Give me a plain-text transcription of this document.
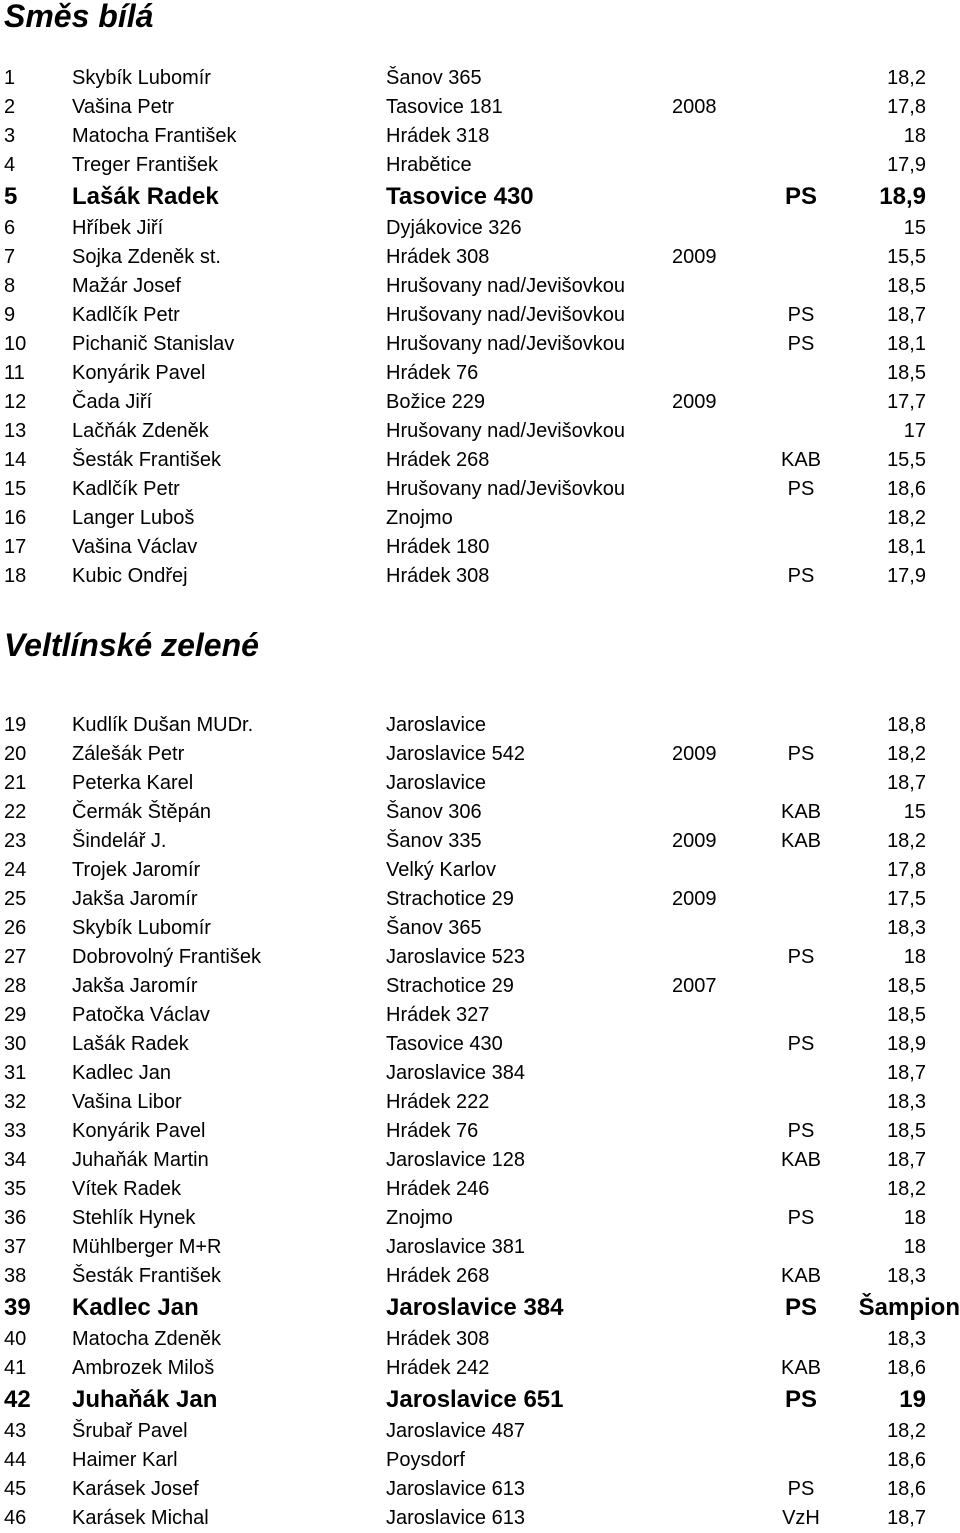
Směs bílá
1	Skybík Lubomír	Šanov 365	18,2
2	Vašina Petr	Tasovice 181	2008	17,8
3	Matocha František	Hrádek 318	18
4	Treger František	Hrabětice	17,9
5 Lašák Radek	Tasovice 430	PS	18,9
6	Hříbek Jiří	Dyjákovice 326	15
7	Sojka Zdeněk st.	Hrádek 308	2009	15,5
8	Mažár Josef	Hrušovany nad/Jevišovkou	18,5
9	Kadlčík Petr	Hrušovany nad/Jevišovkou	PS	18,7
10 Pichanič Stanislav	Hrušovany nad/Jevišovkou	PS	18,1
11 Konyárik Pavel	Hrádek 76	18,5
12 Čada Jiří	Božice 229	2009	17,7
13 Lačňák Zdeněk	Hrušovany nad/Jevišovkou	17
14 Šesták František	Hrádek 268	KAB	15,5
15 Kadlčík Petr	Hrušovany nad/Jevišovkou	PS	18,6
16 Langer Luboš	Znojmo	18,2
17 Vašina Václav	Hrádek 180	18,1
18 Kubic Ondřej	Hrádek 308	PS	17,9
Veltlínské zelené
19 Kudlík Dušan MUDr.	Jaroslavice	18,8
20 Zálešák Petr	Jaroslavice 542	2009	PS	18,2
21 Peterka Karel	Jaroslavice	18,7
22 Čermák Štěpán	Šanov 306	KAB	15
23 Šindelář J.	Šanov 335	2009	KAB	18,2
24 Trojek Jaromír	Velký Karlov	17,8
25 Jakša Jaromír	Strachotice 29	2009	17,5
26 Skybík Lubomír	Šanov 365	18,3
27 Dobrovolný František	Jaroslavice 523	PS	18
28 Jakša Jaromír	Strachotice 29	2007	18,5
29 Patočka Václav	Hrádek 327	18,5
30 Lašák Radek	Tasovice 430	PS	18,9
31 Kadlec Jan	Jaroslavice 384	18,7
32 Vašina Libor	Hrádek 222	18,3
33 Konyárik Pavel	Hrádek 76	PS	18,5
34 Juhaňák Martin	Jaroslavice 128	KAB	18,7
35 Vítek Radek	Hrádek 246	18,2
36 Stehlík Hynek	Znojmo	PS	18
37 Mühlberger M+R	Jaroslavice 381	18
38 Šesták František	Hrádek 268	KAB	18,3
39 Kadlec Jan	Jaroslavice 384	PS	Šampion
40 Matocha Zdeněk	Hrádek 308	18,3
41 Ambrozek Miloš	Hrádek 242	KAB	18,6
42 Juhaňák Jan	Jaroslavice 651	PS	19
43 Šrubař Pavel	Jaroslavice 487	18,2
44 Haimer Karl	Poysdorf	18,6
45 Karásek Josef	Jaroslavice 613	PS	18,6
46 Karásek Michal	Jaroslavice 613	VzH	18,7
